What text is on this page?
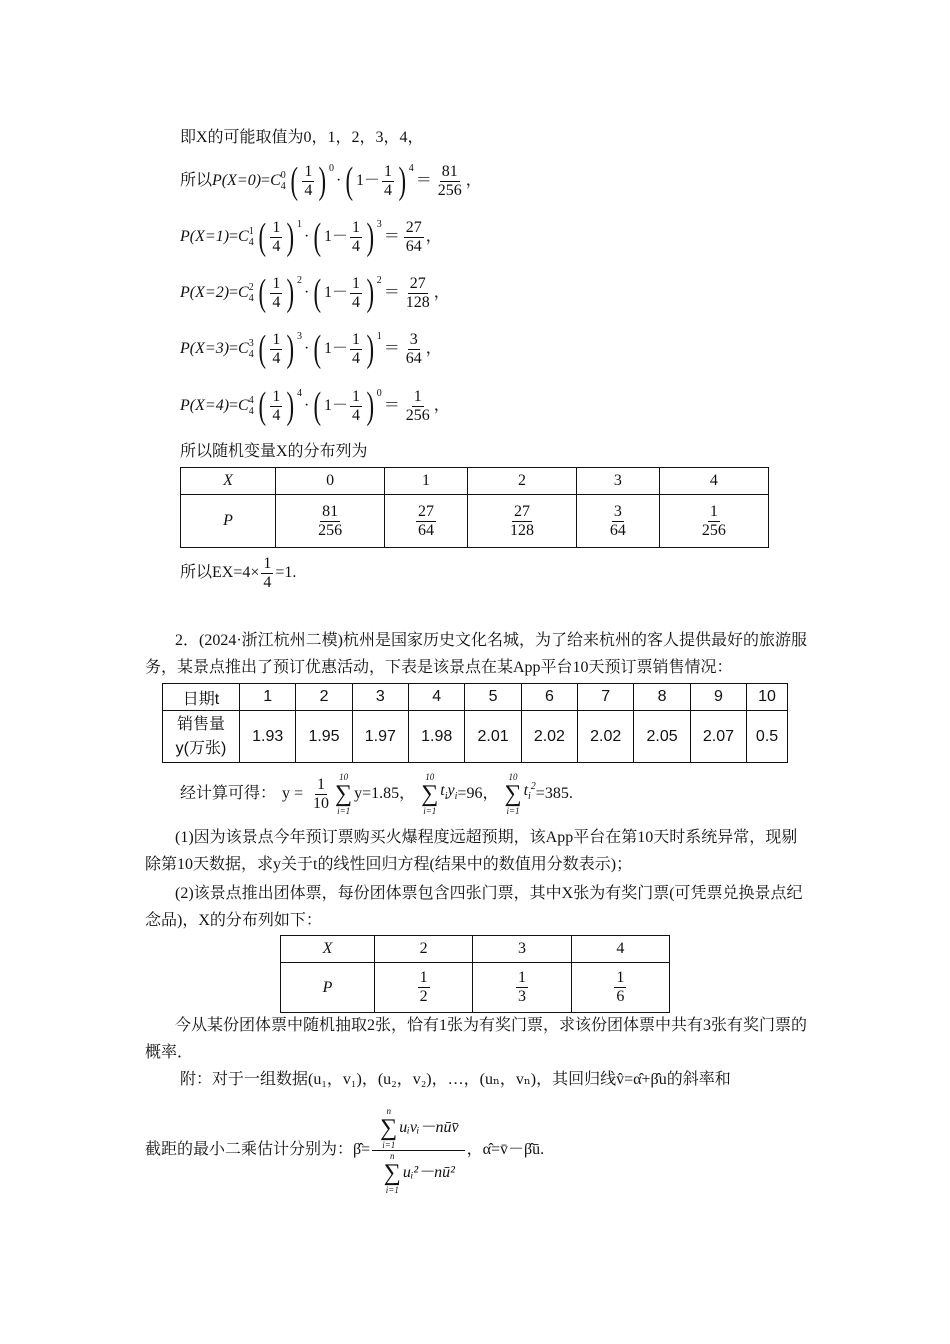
即X的可能取值为0，1，2，3，4，
所以 P(X=0) = C 0
4 ( $\frac{1}{4}$ ) $^0$
· ( $1- \frac{1}{4}$ ) $^4$
＝ $\frac{81}{256}$ ，
P(X=1) = C 1
4 ( $\frac{1}{4}$ ) $^1$
· ( $1- \frac{1}{4}$ ) $^3$
＝ $\frac{27}{64}$ ，
P(X=2) = C 2
4 ( $\frac{1}{4}$ ) $^2$
· ( $1- \frac{1}{4}$ ) $^2$
＝ $\frac{27}{128}$ ，
P(X=3) = C 3
4 ( $\frac{1}{4}$ ) $^3$
· ( $1- \frac{1}{4}$ ) $^1$
＝ $\frac{3}{64}$ ，
P(X=4) = C 4
4 ( $\frac{1}{4}$ ) $^4$
· ( $1- \frac{1}{4}$ ) $^0$
＝ $\frac{1}{256}$ ，
所以随机变量X的分布列为
X	0	1	2	3	4
P	$\frac{81}{256}$	$\frac{27}{64}$	$\frac{27}{128}$	$\frac{3}{64}$	$\frac{1}{256}$
所以$EX=4\times \frac{1}{4} =1$.
2．(2024·浙江杭州二模)杭州是国家历史文化名城，为了给来杭州的客人提供最好的旅游服务，某景点推出了预订优惠活动，下表是该景点在某App平台10天预订票销售情况：
日期t	1	2	3	4	5	6	7	8	9	10
销售量
y(万张)	1.93	1.95	1.97	1.98	2.01	2.02	2.02	2.05	2.07	0.5
经计算可得： $y = \frac{1}{10} 10$
∑
i=1
y=1.85，
10
∑
i=1
$t_iy_i =96$，
10
∑
i=1
$t_i^2 =385$.
(1)因为该景点今年预订票购买火爆程度远超预期，该App平台在第10天时系统异常，现剔除第10天数据，求y关于t的线性回归方程(结果中的数值用分数表示)；
(2)该景点推出团体票，每份团体票包含四张门票，其中X张为有奖门票(可凭票兑换景点纪念品)，X的分布列如下：
X	2	3	4
P	$\frac{1}{2}$	$\frac{1}{3}$	$\frac{1}{6}$
今从某份团体票中随机抽取2张，恰有1张为有奖门票，求该份团体票中共有3张有奖门票的概率．
附：对于一组数据(u₁，v₁)，(u₂，v₂)，…，(uₙ，vₙ)，其回归线v̂=α̂+β̂u的斜率和
截距的最小二乘估计分别为：β̂= n
∑
i=1
uᵢvᵢ－nūv̄
n
∑
i=1
uᵢ²－nū² ，α̂=v̄－β̂ū.
